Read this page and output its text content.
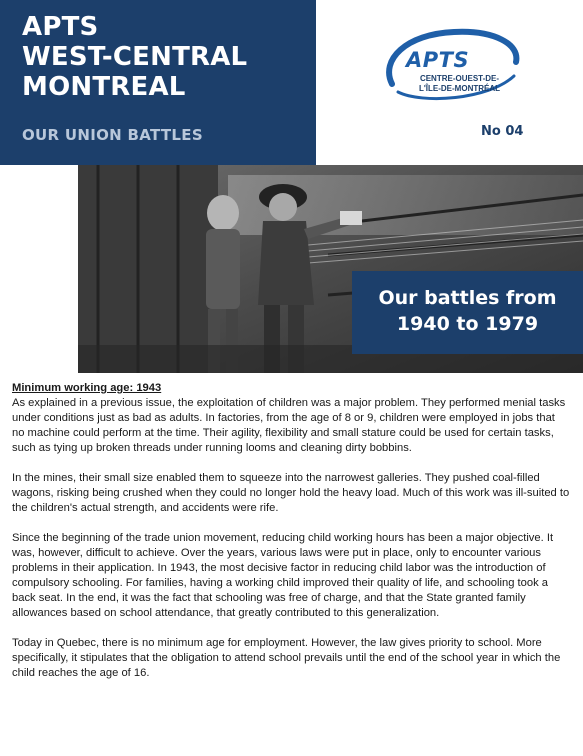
APTS
WEST-CENTRAL
MONTREAL
OUR UNION BATTLES
APTS
CENTRE-OUEST-DE-
L'ÎLE-DE-MONTRÉAL
No 04
Our battles from
1940 to 1979
Minimum working age: 1943

As explained in a previous issue, the exploitation of children was a major problem. They performed menial tasks under conditions just as bad as adults. In factories, from the age of 8 or 9, children were employed in jobs that no machine could perform at the time. Their agility, flexibility and small stature could be used for certain tasks, such as tying up broken threads under running looms and cleaning dirty bobbins.

In the mines, their small size enabled them to squeeze into the narrowest galleries. They pushed coal-filled wagons, risking being crushed when they could no longer hold the heavy load. Much of this work was ill-suited to the children's actual strength, and accidents were rife.

Since the beginning of the trade union movement, reducing child working hours has been a major objective. It was, however, difficult to achieve. Over the years, various laws were put in place, only to encounter various problems in their application. In 1943, the most decisive factor in reducing child labor was the introduction of compulsory schooling. For families, having a working child improved their quality of life, and schooling took a back seat. In the end, it was the fact that schooling was free of charge, and that the State granted family allowances based on school attendance, that greatly contributed to this generalization.

Today in Quebec, there is no minimum age for employment. However, the law gives priority to school. More specifically, it stipulates that the obligation to attend school prevails until the end of the school year in which the child reaches the age of 16.
